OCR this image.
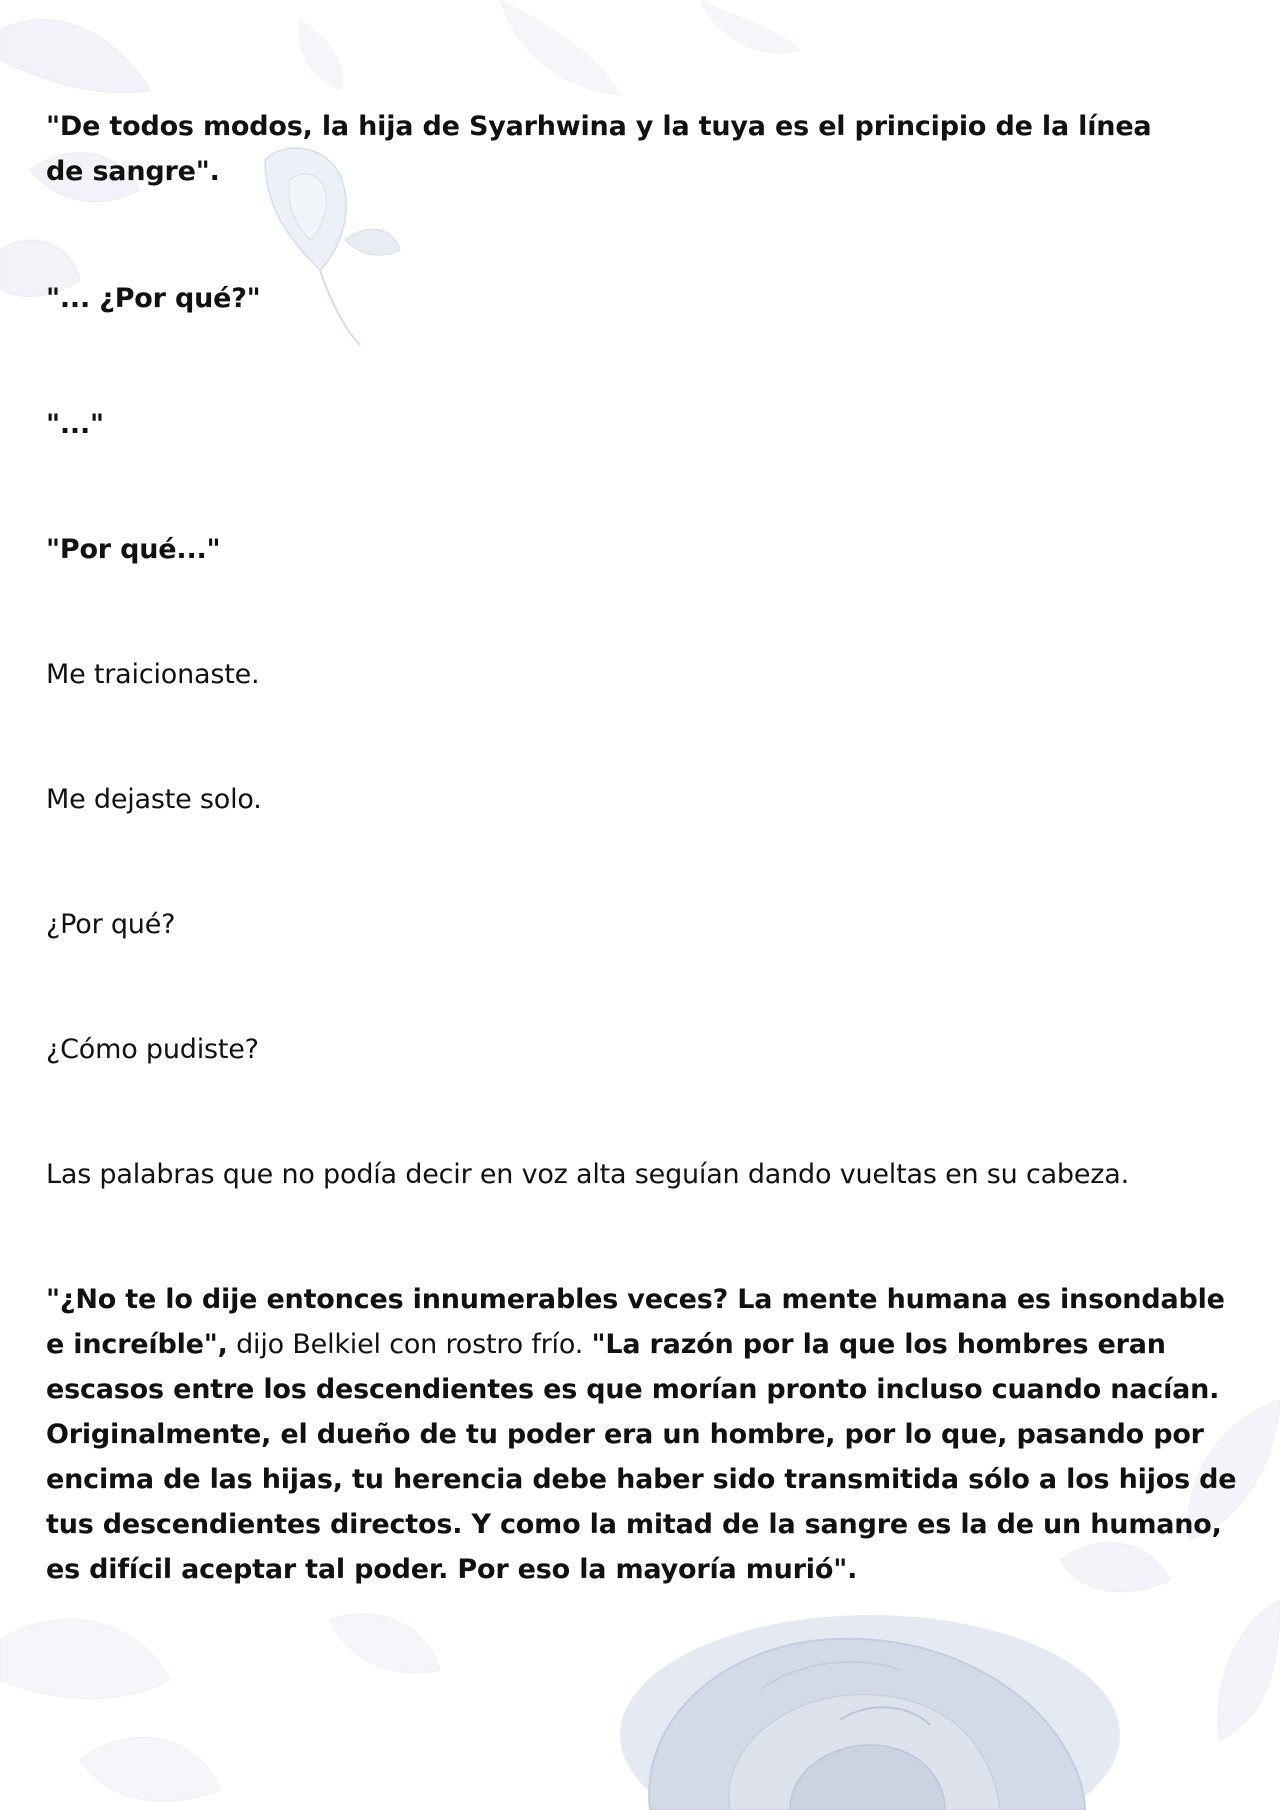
"De todos modos, la hija de Syarhwina y la tuya es el principio de la línea de sangre".

"... ¿Por qué?"

"..."

"Por qué..."

Me traicionaste.

Me dejaste solo.

¿Por qué?

¿Cómo pudiste?

Las palabras que no podía decir en voz alta seguían dando vueltas en su cabeza.

"¿No te lo dije entonces innumerables veces? La mente humana es insondable e increíble", dijo Belkiel con rostro frío. "La razón por la que los hombres eran escasos entre los descendientes es que morían pronto incluso cuando nacían. Originalmente, el dueño de tu poder era un hombre, por lo que, pasando por encima de las hijas, tu herencia debe haber sido transmitida sólo a los hijos de tus descendientes directos. Y como la mitad de la sangre es la de un humano, es difícil aceptar tal poder. Por eso la mayoría murió".
